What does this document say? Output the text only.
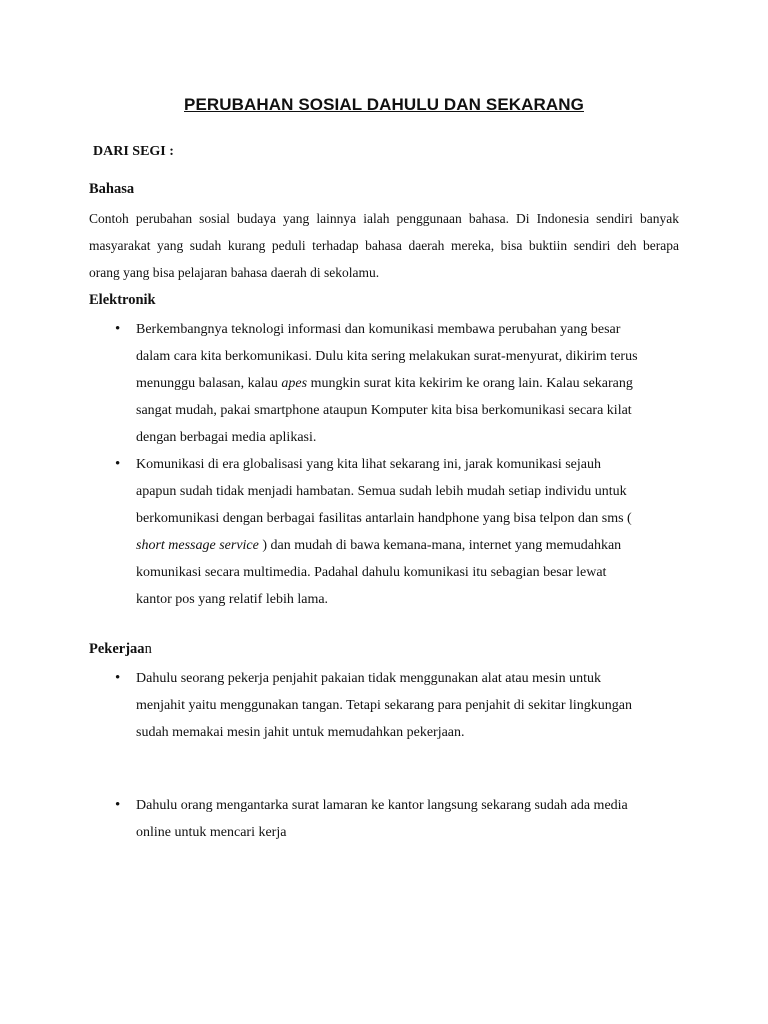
PERUBAHAN SOSIAL DAHULU DAN SEKARANG
DARI SEGI :
Bahasa
Contoh perubahan sosial budaya yang lainnya ialah penggunaan bahasa. Di Indonesia sendiri banyak
masyarakat yang sudah kurang peduli terhadap bahasa daerah mereka, bisa buktiin sendiri deh berapa
orang yang bisa pelajaran bahasa daerah di sekolamu.
Elektronik
• Berkembangnya teknologi informasi dan komunikasi membawa perubahan yang besar
dalam cara kita berkomunikasi. Dulu kita sering melakukan surat-menyurat, dikirim terus
menunggu balasan, kalau apes mungkin surat kita kekirim ke orang lain. Kalau sekarang
sangat mudah, pakai smartphone ataupun Komputer kita bisa berkomunikasi secara kilat
dengan berbagai media aplikasi.
• Komunikasi di era globalisasi yang kita lihat sekarang ini, jarak komunikasi sejauh
apapun sudah tidak menjadi hambatan. Semua sudah lebih mudah setiap individu untuk
berkomunikasi dengan berbagai fasilitas antarlain handphone yang bisa telpon dan sms (
short message service ) dan mudah di bawa kemana-mana, internet yang memudahkan
komunikasi secara multimedia. Padahal dahulu komunikasi itu sebagian besar lewat
kantor pos yang relatif lebih lama.
Pekerjaan
• Dahulu seorang pekerja penjahit pakaian tidak menggunakan alat atau mesin untuk
menjahit yaitu menggunakan tangan. Tetapi sekarang para penjahit di sekitar lingkungan
sudah memakai mesin jahit untuk memudahkan pekerjaan.
• Dahulu orang mengantarka surat lamaran ke kantor langsung sekarang sudah ada media
online untuk mencari kerja
